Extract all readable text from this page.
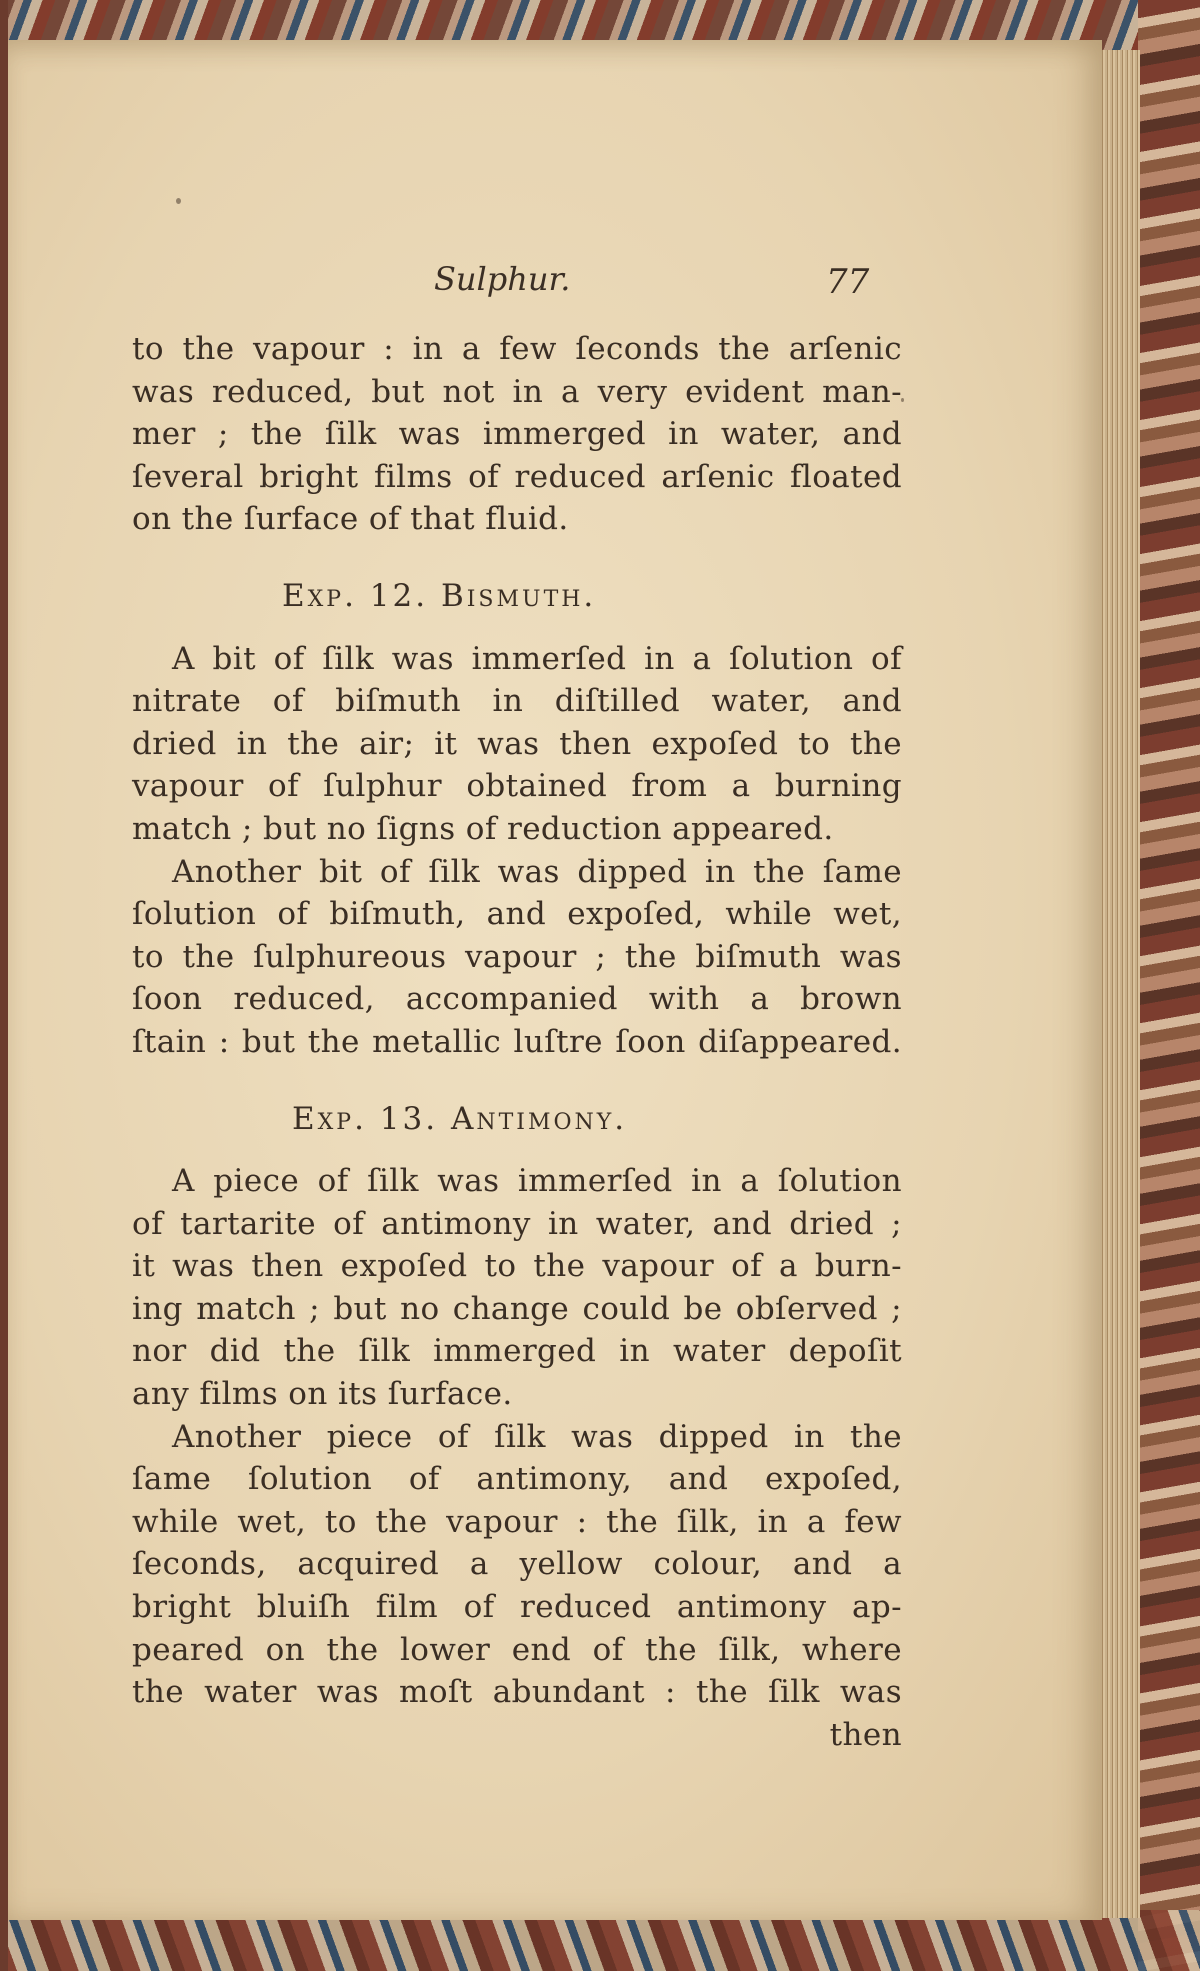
Sulphur.	77
to the vapour : in a few ſeconds the arſenic
was reduced, but not in a very evident man-
mer ; the ſilk was immerged in water, and
ſeveral bright films of reduced arſenic floated
on the ſurface of that fluid.
Exp. 12. Bismuth.
A bit of ſilk was immerſed in a ſolution of
nitrate of biſmuth in diſtilled water, and
dried in the air; it was then expoſed to the
vapour of ſulphur obtained from a burning
match ; but no ſigns of reduction appeared.
Another bit of ſilk was dipped in the ſame
ſolution of biſmuth, and expoſed, while wet,
to the ſulphureous vapour ; the biſmuth was
ſoon reduced, accompanied with a brown
ſtain : but the metallic luſtre ſoon diſappeared.
Exp. 13. Antimony.
A piece of ſilk was immerſed in a ſolution
of tartarite of antimony in water, and dried ;
it was then expoſed to the vapour of a burn-
ing match ; but no change could be obſerved ;
nor did the ſilk immerged in water depoſit
any films on its ſurface.
Another piece of ſilk was dipped in the
ſame ſolution of antimony, and expoſed,
while wet, to the vapour : the ſilk, in a few
ſeconds, acquired a yellow colour, and a
bright bluiſh film of reduced antimony ap-
peared on the lower end of the ſilk, where
the water was moſt abundant : the ſilk was
then
